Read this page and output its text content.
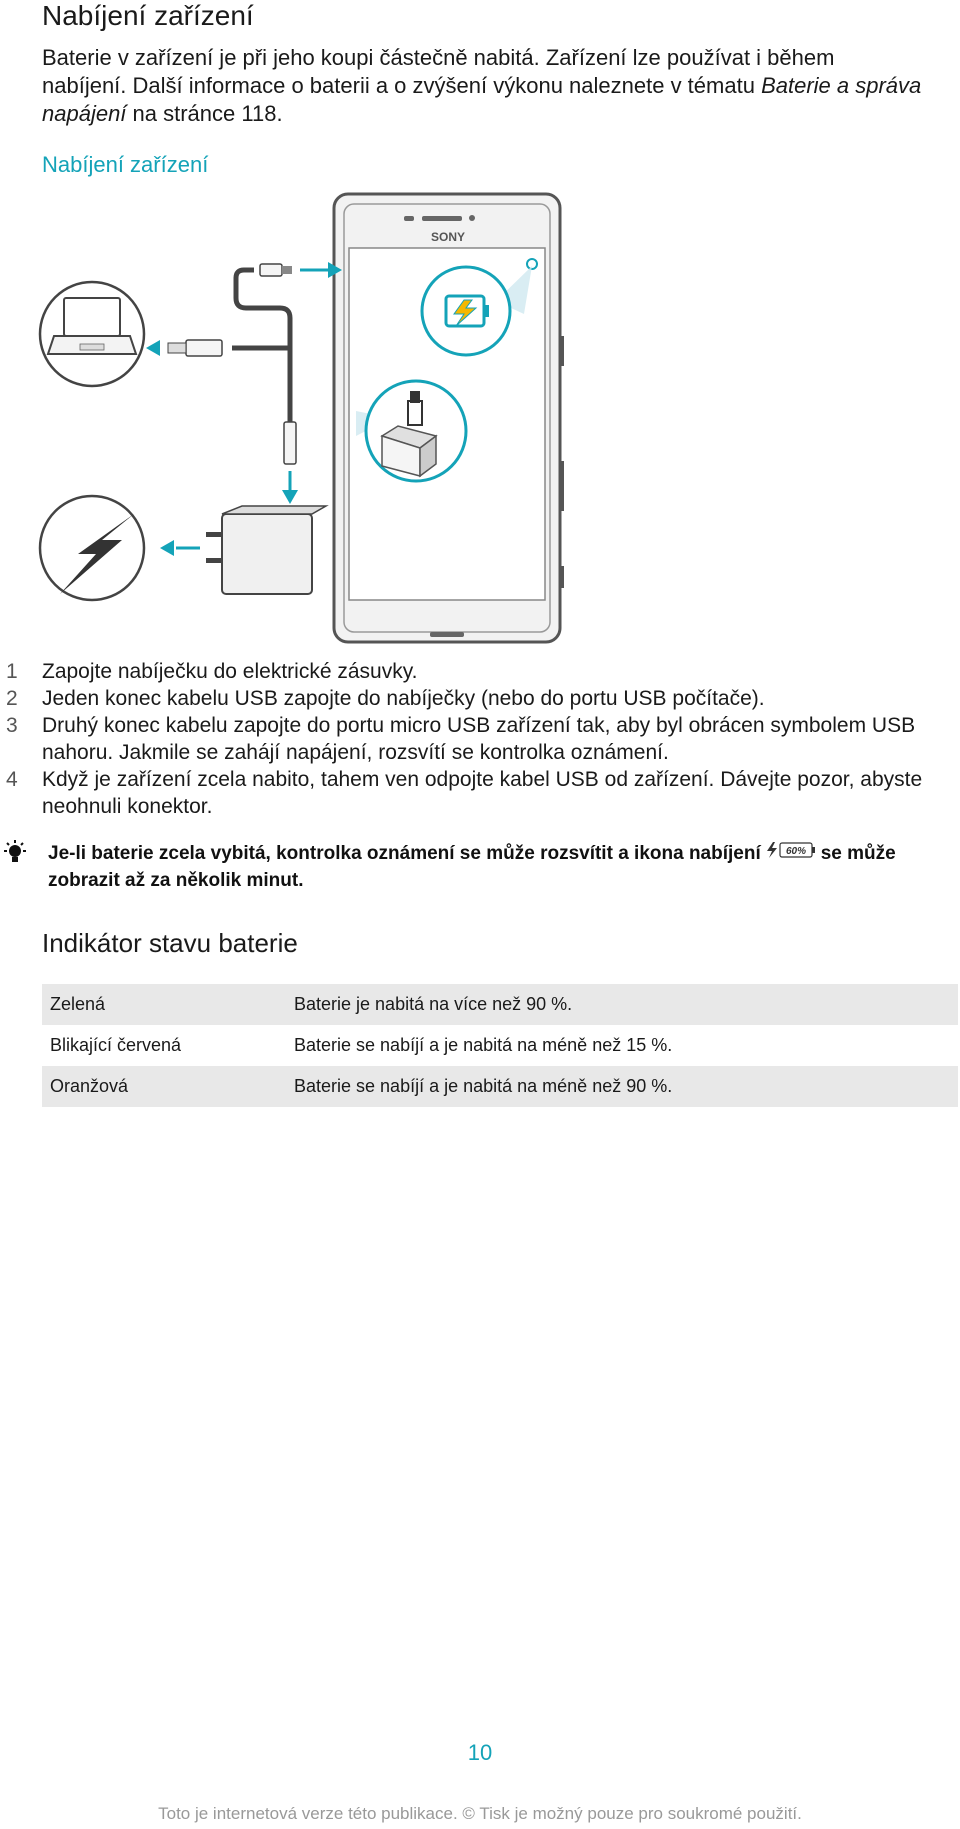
Nabíjení zařízení

Baterie v zařízení je při jeho koupi částečně nabitá. Zařízení lze používat i během nabíjení. Další informace o baterii a o zvýšení výkonu naleznete v tématu Baterie a správa napájení na stránce 118.

Nabíjení zařízení
SONY
1 Zapojte nabíječku do elektrické zásuvky.
2 Jeden konec kabelu USB zapojte do nabíječky (nebo do portu USB počítače).
3 Druhý konec kabelu zapojte do portu micro USB zařízení tak, aby byl obrácen symbolem USB nahoru. Jakmile se zahájí napájení, rozsvítí se kontrolka oznámení.
4 Když je zařízení zcela nabito, tahem ven odpojte kabel USB od zařízení. Dávejte pozor, abyste neohnuli konektor.
Je-li baterie zcela vybitá, kontrolka oznámení se může rozsvítit a ikona nabíjení 60% se může zobrazit až za několik minut.
Indikátor stavu baterie
Zelená	Baterie je nabitá na více než 90 %.
Blikající červená	Baterie se nabíjí a je nabitá na méně než 15 %.
Oranžová	Baterie se nabíjí a je nabitá na méně než 90 %.
10
Toto je internetová verze této publikace. © Tisk je možný pouze pro soukromé použití.
